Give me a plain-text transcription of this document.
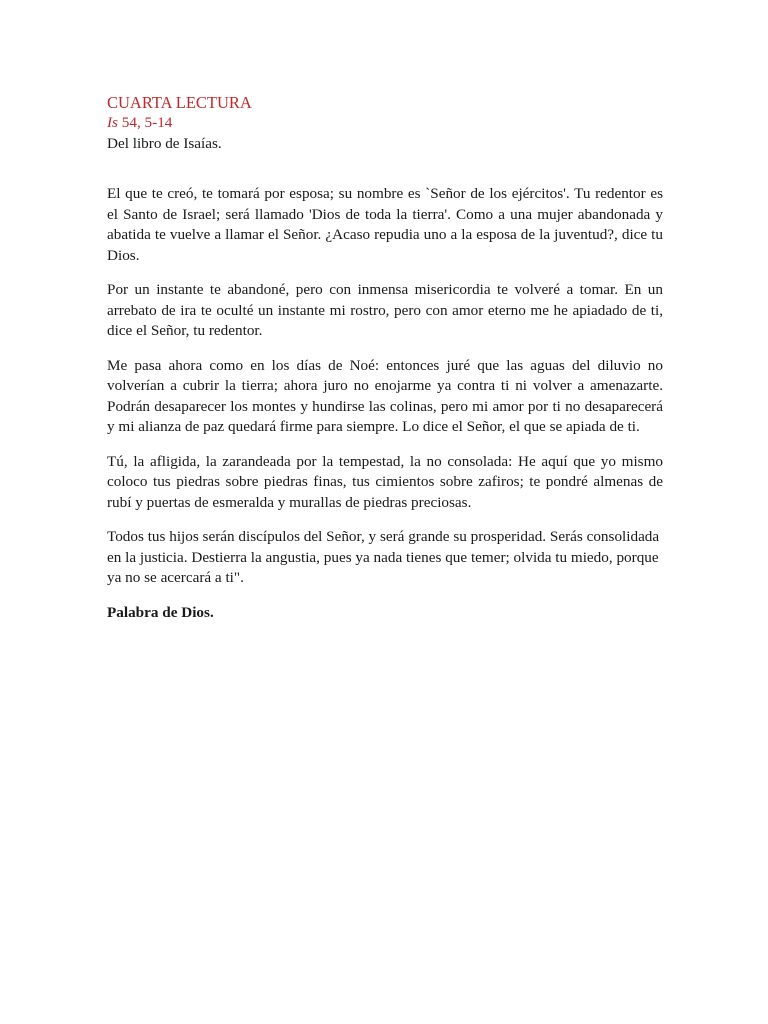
CUARTA LECTURA

Is 54, 5-14

Del libro de Isaías.

El que te creó, te tomará por esposa; su nombre es `Señor de los ejércitos'. Tu redentor es el Santo de Israel; será llamado 'Dios de toda la tierra'. Como a una mujer abandonada y abatida te vuelve a llamar el Señor. ¿Acaso repudia uno a la esposa de la juventud?, dice tu Dios.

Por un instante te abandoné, pero con inmensa misericordia te volveré a tomar. En un arrebato de ira te oculté un instante mi rostro, pero con amor eterno me he apiadado de ti, dice el Señor, tu redentor.

Me pasa ahora como en los días de Noé: entonces juré que las aguas del diluvio no volverían a cubrir la tierra; ahora juro no enojarme ya contra ti ni volver a amenazarte. Podrán desaparecer los montes y hundirse las colinas, pero mi amor por ti no desaparecerá y mi alianza de paz quedará firme para siempre. Lo dice el Señor, el que se apiada de ti.

Tú, la afligida, la zarandeada por la tempestad, la no consolada: He aquí que yo mismo coloco tus piedras sobre piedras finas, tus cimientos sobre zafiros; te pondré almenas de rubí y puertas de esmeralda y murallas de piedras preciosas.

Todos tus hijos serán discípulos del Señor, y será grande su prosperidad. Serás consolidada en la justicia. Destierra la angustia, pues ya nada tienes que temer; olvida tu miedo, porque ya no se acercará a ti".

Palabra de Dios.
